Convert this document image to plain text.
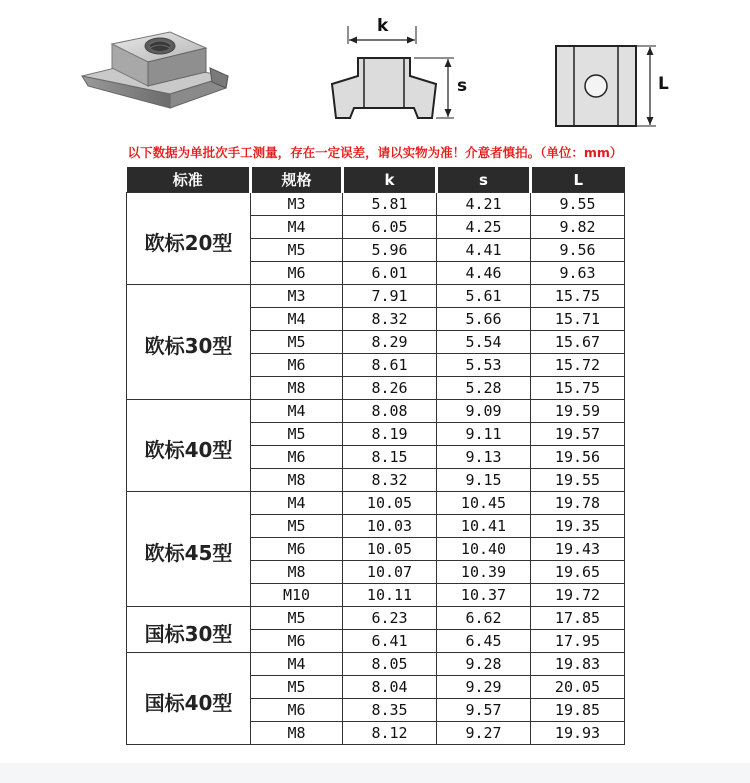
k
s	L
以下数据为单批次手工测量，存在一定误差，请以实物为准！介意者慎拍。（单位：mm）
标准	规格	k	s	L
欧标20型	M3	5.81	4.21	9.55
	M4	6.05	4.25	9.82
	M5	5.96	4.41	9.56
	M6	6.01	4.46	9.63
欧标30型	M3	7.91	5.61	15.75
	M4	8.32	5.66	15.71
	M5	8.29	5.54	15.67
	M6	8.61	5.53	15.72
	M8	8.26	5.28	15.75
欧标40型	M4	8.08	9.09	19.59
	M5	8.19	9.11	19.57
	M6	8.15	9.13	19.56
	M8	8.32	9.15	19.55
欧标45型	M4	10.05	10.45	19.78
	M5	10.03	10.41	19.35
	M6	10.05	10.40	19.43
	M8	10.07	10.39	19.65
	M10	10.11	10.37	19.72
国标30型	M5	6.23	6.62	17.85
	M6	6.41	6.45	17.95
国标40型	M4	8.05	9.28	19.83
	M5	8.04	9.29	20.05
	M6	8.35	9.57	19.85
	M8	8.12	9.27	19.93
